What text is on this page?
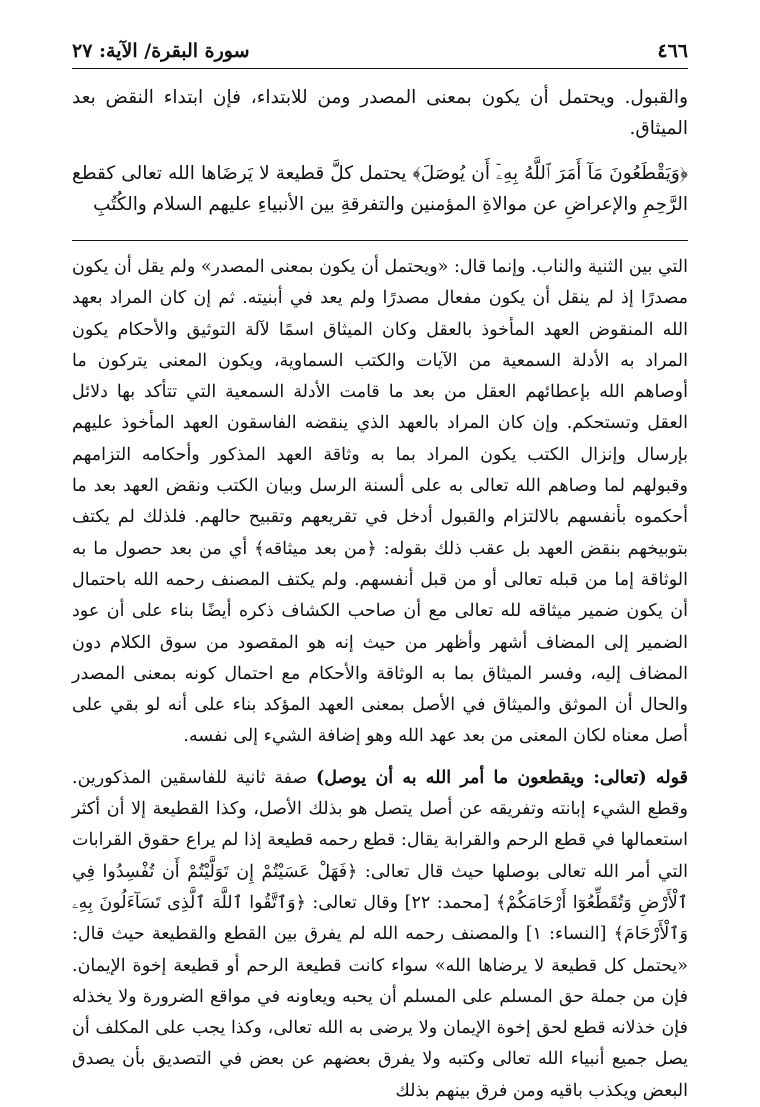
٤٦٦
سورة البقرة/ الآية: ٢٧

والقبول. ويحتمل أن يكون بمعنى المصدر ومن للابتداء، فإن ابتداء النقض بعد الميثاق.

﴿وَيَقْطَعُونَ مَآ أَمَرَ ٱللَّهُ بِهِۦٓ أَن يُوصَلَ﴾ يحتمل كلَّ قطيعة لا يَرضَاها الله تعالى كقطع الرَّحِمِ والإعراضِ عن موالاةِ المؤمنين والتفرقةِ بين الأنبياءِ عليهم السلام والكُتُبِ

التي بين الثنية والناب. وإنما قال: «ويحتمل أن يكون بمعنى المصدر» ولم يقل أن يكون مصدرًا إذ لم ينقل أن يكون مفعال مصدرًا ولم يعد في أبنيته. ثم إن كان المراد بعهد الله المنقوض العهد المأخوذ بالعقل وكان الميثاق اسمًا لآلة التوثيق والأحكام يكون المراد به الأدلة السمعية من الآيات والكتب السماوية، ويكون المعنى يتركون ما أوصاهم الله بإعطائهم العقل من بعد ما قامت الأدلة السمعية التي تتأكد بها دلائل العقل وتستحكم. وإن كان المراد بالعهد الذي ينقضه الفاسقون العهد المأخوذ عليهم بإرسال وإنزال الكتب يكون المراد بما به وثاقة العهد المذكور وأحكامه التزامهم وقبولهم لما وصاهم الله تعالى به على ألسنة الرسل وبيان الكتب ونقض العهد بعد ما أحكموه بأنفسهم بالالتزام والقبول أدخل في تقريعهم وتقبيح حالهم. فلذلك لم يكتف بتوبيخهم بنقض العهد بل عقب ذلك بقوله: ﴿من بعد ميثاقه﴾ أي من بعد حصول ما به الوثاقة إما من قبله تعالى أو من قبل أنفسهم. ولم يكتف المصنف رحمه الله باحتمال أن يكون ضمير ميثاقه لله تعالى مع أن صاحب الكشاف ذكره أيضًا بناء على أن عود الضمير إلى المضاف أشهر وأظهر من حيث إنه هو المقصود من سوق الكلام دون المضاف إليه، وفسر الميثاق بما به الوثاقة والأحكام مع احتمال كونه بمعنى المصدر والحال أن الموثق والميثاق في الأصل بمعنى العهد المؤكد بناء على أنه لو بقي على أصل معناه لكان المعنى من بعد عهد الله وهو إضافة الشيء إلى نفسه.

قوله (تعالى: ويقطعون ما أمر الله به أن يوصل) صفة ثانية للفاسقين المذكورين. وقطع الشيء إبانته وتفريقه عن أصل يتصل هو بذلك الأصل، وكذا القطيعة إلا أن أكثر استعمالها في قطع الرحم والقرابة يقال: قطع رحمه قطيعة إذا لم يراع حقوق القرابات التي أمر الله تعالى بوصلها حيث قال تعالى: ﴿فَهَلْ عَسَيْتُمْ إِن تَوَلَّيْتُمْ أَن تُفْسِدُوا فِي ٱلْأَرْضِ وَتُقَطِّعُوٓا أَرْحَامَكُمْ﴾ [محمد: ٢٢] وقال تعالى: ﴿وَٱتَّقُوا ٱللَّهَ ٱلَّذِى تَسَآءَلُونَ بِهِۦ وَٱلْأَرْحَامَ﴾ [النساء: ١] والمصنف رحمه الله لم يفرق بين القطع والقطيعة حيث قال: «يحتمل كل قطيعة لا يرضاها الله» سواء كانت قطيعة الرحم أو قطيعة إخوة الإيمان. فإن من جملة حق المسلم على المسلم أن يحبه ويعاونه في مواقع الضرورة ولا يخذله فإن خذلانه قطع لحق إخوة الإيمان ولا يرضى به الله تعالى، وكذا يجب على المكلف أن يصل جميع أنبياء الله تعالى وكتبه ولا يفرق بعضهم عن بعض في التصديق بأن يصدق البعض ويكذب باقيه ومن فرق بينهم بذلك
